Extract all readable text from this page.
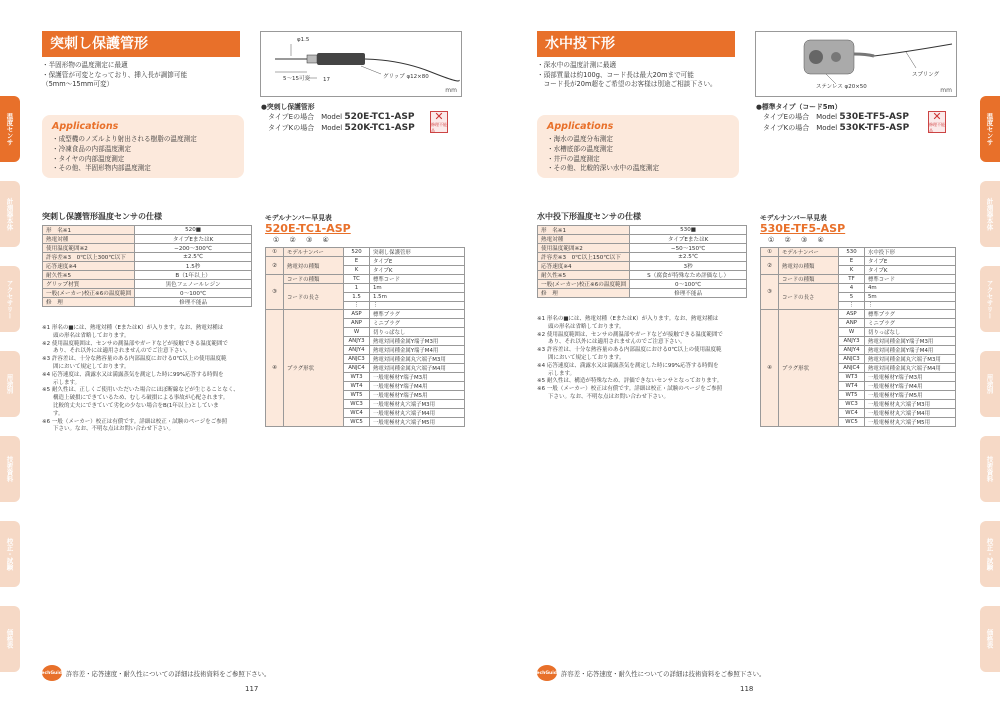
突刺し保護管形
・半固形物の温度測定に最適
・保護管が可変となっており、挿入長が調節可能
（5mm～15mm可変）
φ1.5
5～15可変 17	グリップ φ12×80
mm
●突刺し保護管形
タイプEの場合　Model 520E-TC1-ASP
タイプKの場合　Model 520K-TC1-ASP
✕
修理不能品
Applications
・成型機のノズルより射出される樹脂の温度測定
・冷凍食品の内部温度測定
・タイヤの内部温度測定
・その他、半固形物内部温度測定
突刺し保護管形温度センサの仕様
形　名※1	520■
熱電対種	タイプEまたはK
使用温度範囲※2	−200～300℃
許容差※3　0℃以上300℃以下	±2.5℃
応答速度※4	1.5秒
耐久性※5	B（1年以上）
グリップ材質	黒色フェノールレジン
一般(メーカー)校正※6の温度範囲	0～100℃
修　理	修理不能品
※1 形名の■には、熱電対種（EまたはK）が入ります。なお、熱電対種は
　　頭の形名は省略しております。
※2 使用温度範囲は、センサの測温部やガードなどが接触できる温度範囲で
　　あり、それ以外には適用されませんのでご注意下さい。
※3 許容差は、十分な熱容量のある内部温度における0℃以上の使用温度範
　　囲において規定しております。
※4 応答速度は、満露水又は満露蒸気を測定した時に99%応答する時間を
　　示します。
※5 耐久性は、正しくご使用いただいた場合にほぼ断線などが生じることなく、
　　構造上破損にできているため、むしろ破損による事故が心配されます。
　　比較的丈夫にできていて劣化の少ない場合をB(1年以上)としていま
　　す。
※6 一般（メーカー）校正は有償です。詳細は校正・試験のページをご参照
　　下さい。なお、不明な点はお問い合わせ下さい。
モデルナンバー早見表
520E-TC1-ASP
① ② ③ ④
①	モデルナンバー	520	突刺し保護管形
②	熱電対の種類	E	タイプE
		K	タイプK
③	コードの種類	TC	標準コード
	コードの長さ	1	1m
		1.5	1.5m
		⋮	⋮
④	プラグ形状	ASP	標準プラグ
		ANP	ミニプラグ
		W	切りっぱなし
		ANJY3	熱電対同種金属Y端子M3用
		ANJY4	熱電対同種金属Y端子M4用
		ANJC3	熱電対同種金属丸穴端子M3用
		ANJC4	熱電対同種金属丸穴端子M4用
		WT3	一般電極材Y端子M3用
		WT4	一般電極材Y端子M4用
		WT5	一般電極材Y端子M5用
		WC3	一般電極材丸穴端子M3用
		WC4	一般電極材丸穴端子M4用
		WC5	一般電極材丸穴端子M5用
TechGuide 許容差・応答速度・耐久性についての詳細は技術資料をご参照下さい。
117
水中投下形
・深水中の温度計測に最適
・頭部質量は約100g、コード長は最大20mまで可能
　コード長が20m超をご希望のお客様は別途ご相談下さい。	ステンレス φ20×50
スプリング
mm
●標準タイプ（コード5m）
タイプEの場合　Model 530E-TF5-ASP
タイプKの場合　Model 530K-TF5-ASP
✕
修理不能品
Applications
・海水の温度分布測定
・水槽底部の温度測定
・井戸の温度測定
・その他、比較的深い水中の温度測定
水中投下形温度センサの仕様
形　名※1	530■
熱電対種	タイプEまたはK
使用温度範囲※2	−50～150℃
許容差※3　0℃以上150℃以下	±2.5℃
応答速度※4	3秒
耐久性※5	S（腐食が特殊なため評価なし）
一般(メーカー)校正※6の温度範囲	0～100℃
修　理	修理不能品
※1 形名の■には、熱電対種（EまたはK）が入ります。なお、熱電対種は
　　頭の形名は省略しております。
※2 使用温度範囲は、センサの測温部やガードなどが接触できる温度範囲で
　　あり、それ以外には適用されませんのでご注意下さい。
※3 許容差は、十分な熱容量のある内部温度における0℃以上の使用温度範
　　囲において規定しております。
※4 応答速度は、満露水又は満露蒸気を測定した時に99%応答する時間を
　　示します。
※5 耐久性は、構造が特殊なため、評価できないセンサとなっております。
※6 一般（メーカー）校正は有償です。詳細は校正・試験のページをご参照
　　下さい。なお、不明な点はお問い合わせ下さい。
モデルナンバー早見表
530E-TF5-ASP
① ② ③ ④
①	モデルナンバー	530	水中投下形
②	熱電対の種類	E	タイプE
		K	タイプK
③	コードの種類	TF	標準コード
	コードの長さ	4	4m
		5	5m
		⋮	⋮
④	プラグ形状	ASP	標準プラグ
		ANP	ミニプラグ
		W	切りっぱなし
		ANJY3	熱電対同種金属Y端子M3用
		ANJY4	熱電対同種金属Y端子M4用
		ANJC3	熱電対同種金属丸穴端子M3用
		ANJC4	熱電対同種金属丸穴端子M4用
		WT3	一般電極材Y端子M3用
		WT4	一般電極材Y端子M4用
		WT5	一般電極材Y端子M5用
		WC3	一般電極材丸穴端子M3用
		WC4	一般電極材丸穴端子M4用
		WC5	一般電極材丸穴端子M5用
TechGuide 許容差・応答速度・耐久性についての詳細は技術資料をご参照下さい。
118
温度センサ
計測器本体
アクセサリー
用途別
技術資料
校正・試験
価格表
温度センサ
計測器本体
アクセサリー
用途別
技術資料
校正・試験
価格表
